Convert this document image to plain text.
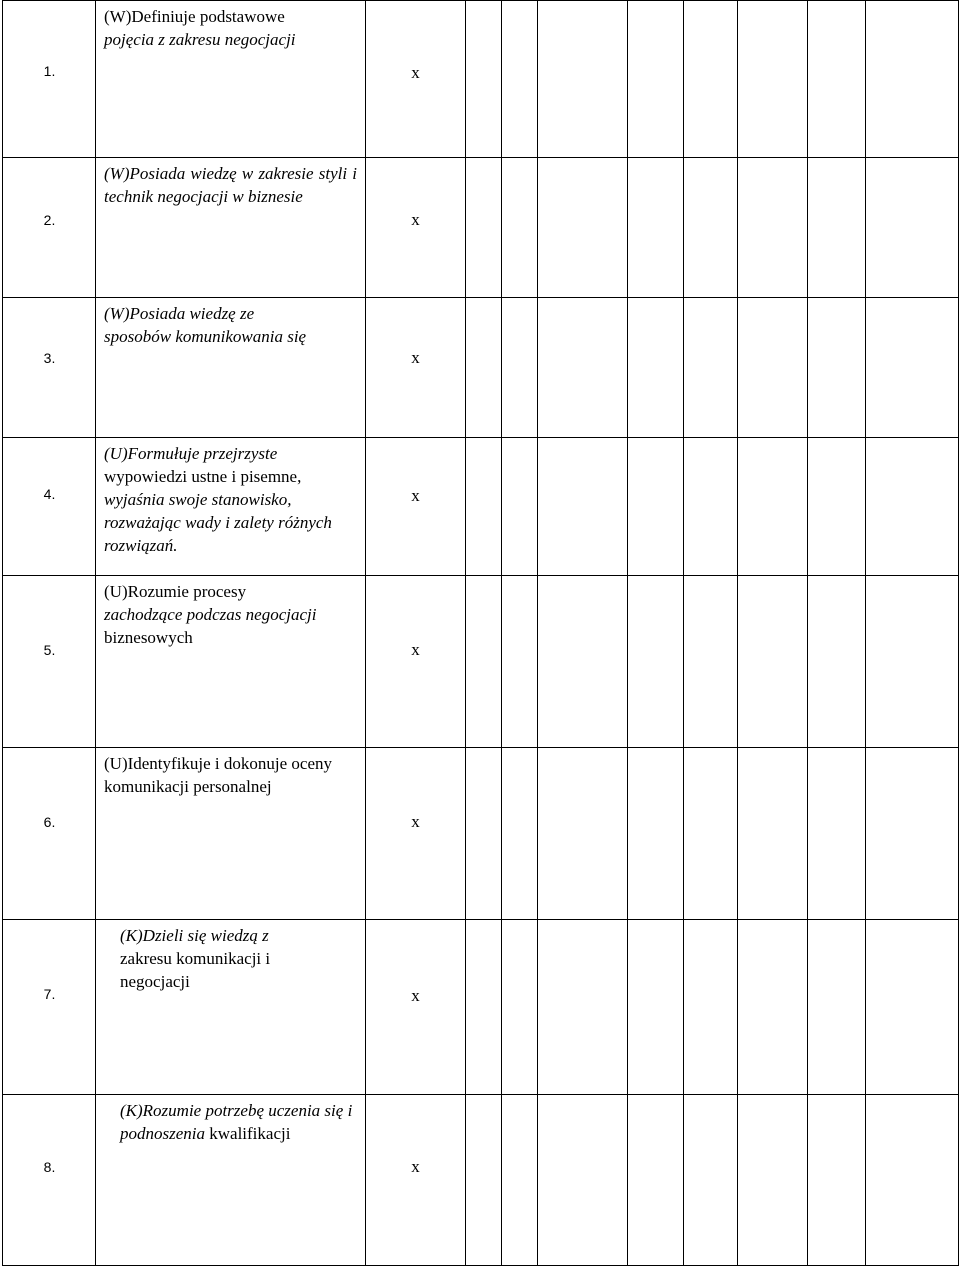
1.	(W)Definiuje podstawowe
pojęcia z zakresu negocjacji	x								

2.	(W)Posiada wiedzę w zakresie styli i technik negocjacji w biznesie	x								

3.	(W)Posiada wiedzę ze sposobów komunikowania się	x								

4.	(U)Formułuje przejrzyste
wypowiedzi ustne i pisemne,
wyjaśnia swoje stanowisko, rozważając wady i zalety różnych rozwiązań.	x								

5.	(U)Rozumie procesy
zachodzące podczas negocjacji
biznesowych	x								

6.	(U)Identyfikuje i dokonuje oceny komunikacji personalnej	x								

7.	(K)Dzieli się wiedzą z
zakresu komunikacji i negocjacji	x								

8.	(K)Rozumie potrzebę uczenia się i podnoszenia kwalifikacji	x								
